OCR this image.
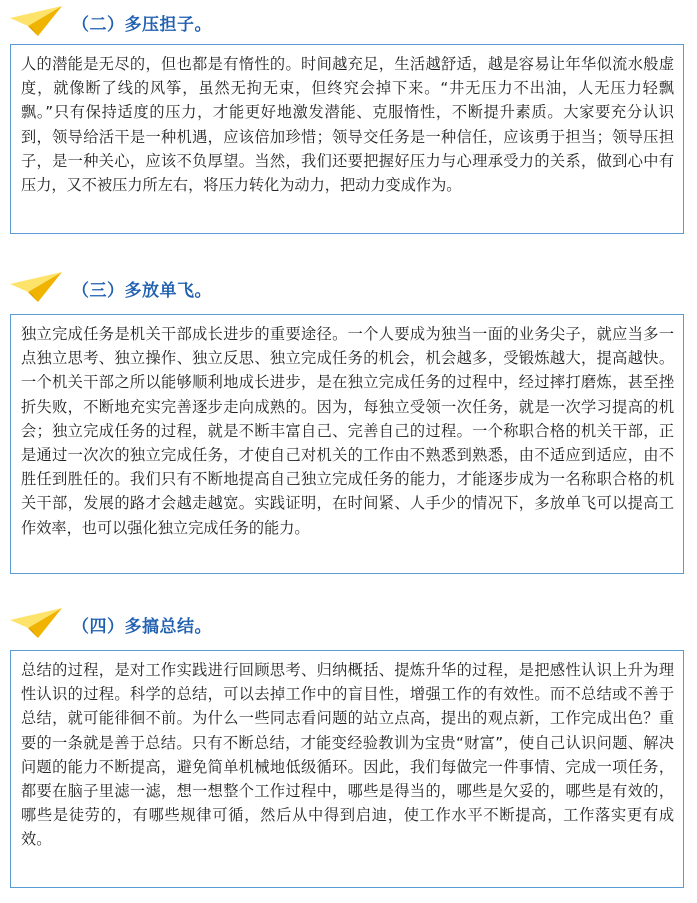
（二）多压担子。

人的潜能是无尽的，但也都是有惰性的。时间越充足，生活越舒适，越是容易让年华似流水般虚度，就像断了线的风筝，虽然无拘无束，但终究会掉下来。“井无压力不出油，人无压力轻飘飘。”只有保持适度的压力，才能更好地激发潜能、克服惰性，不断提升素质。大家要充分认识到，领导给活干是一种机遇，应该倍加珍惜；领导交任务是一种信任，应该勇于担当；领导压担子，是一种关心，应该不负厚望。当然，我们还要把握好压力与心理承受力的关系，做到心中有压力，又不被压力所左右，将压力转化为动力，把动力变成作为。

（三）多放单飞。

独立完成任务是机关干部成长进步的重要途径。一个人要成为独当一面的业务尖子，就应当多一点独立思考、独立操作、独立反思、独立完成任务的机会，机会越多，受锻炼越大，提高越快。一个机关干部之所以能够顺利地成长进步，是在独立完成任务的过程中，经过摔打磨炼，甚至挫折失败，不断地充实完善逐步走向成熟的。因为，每独立受领一次任务，就是一次学习提高的机会；独立完成任务的过程，就是不断丰富自己、完善自己的过程。一个称职合格的机关干部，正是通过一次次的独立完成任务，才使自己对机关的工作由不熟悉到熟悉，由不适应到适应，由不胜任到胜任的。我们只有不断地提高自己独立完成任务的能力，才能逐步成为一名称职合格的机关干部，发展的路才会越走越宽。实践证明，在时间紧、人手少的情况下，多放单飞可以提高工作效率，也可以强化独立完成任务的能力。

（四）多搞总结。

总结的过程，是对工作实践进行回顾思考、归纳概括、提炼升华的过程，是把感性认识上升为理性认识的过程。科学的总结，可以去掉工作中的盲目性，增强工作的有效性。而不总结或不善于总结，就可能徘徊不前。为什么一些同志看问题的站立点高，提出的观点新，工作完成出色？重要的一条就是善于总结。只有不断总结，才能变经验教训为宝贵“财富”，使自己认识问题、解决问题的能力不断提高，避免简单机械地低级循环。因此，我们每做完一件事情、完成一项任务，都要在脑子里滤一滤，想一想整个工作过程中，哪些是得当的，哪些是欠妥的，哪些是有效的，哪些是徒劳的，有哪些规律可循，然后从中得到启迪，使工作水平不断提高，工作落实更有成效。
